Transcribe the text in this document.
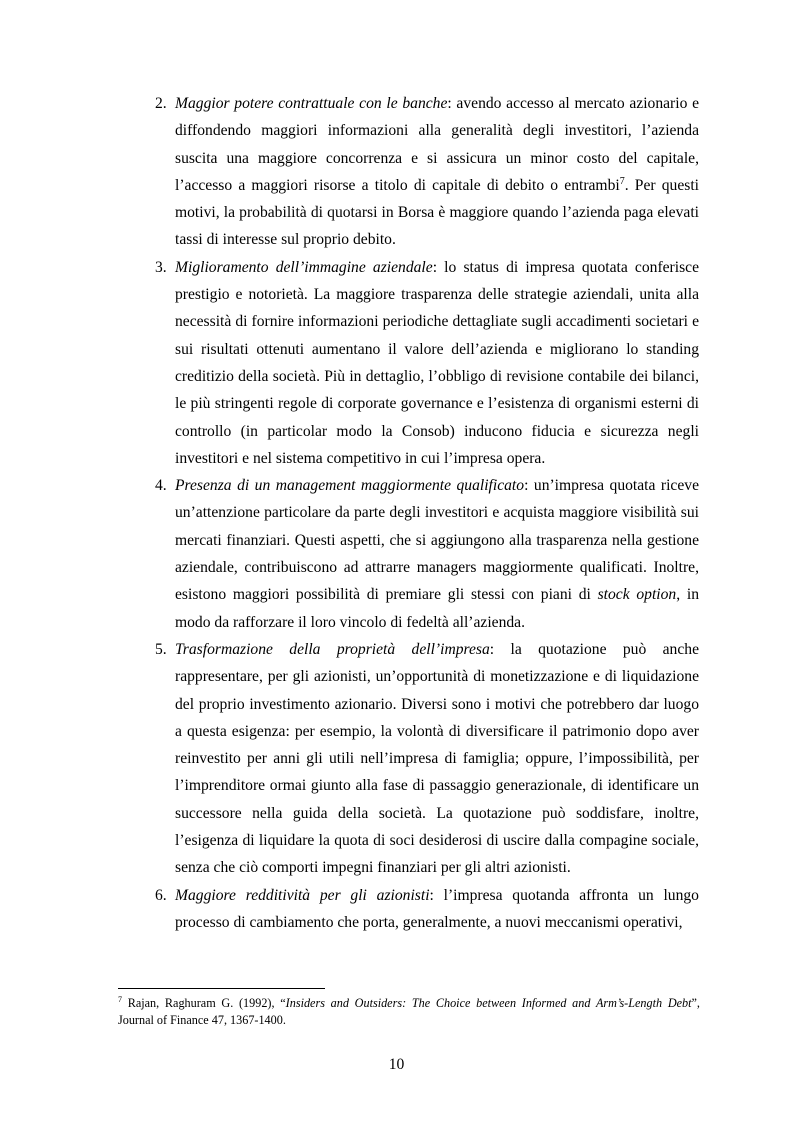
2. Maggior potere contrattuale con le banche: avendo accesso al mercato azionario e diffondendo maggiori informazioni alla generalità degli investitori, l’azienda suscita una maggiore concorrenza e si assicura un minor costo del capitale, l’accesso a maggiori risorse a titolo di capitale di debito o entrambi$^7$. Per questi motivi, la probabilità di quotarsi in Borsa è maggiore quando l’azienda paga elevati tassi di interesse sul proprio debito.
3. Miglioramento dell’immagine aziendale: lo status di impresa quotata conferisce prestigio e notorietà. La maggiore trasparenza delle strategie aziendali, unita alla necessità di fornire informazioni periodiche dettagliate sugli accadimenti societari e sui risultati ottenuti aumentano il valore dell’azienda e migliorano lo standing creditizio della società. Più in dettaglio, l’obbligo di revisione contabile dei bilanci, le più stringenti regole di corporate governance e l’esistenza di organismi esterni di controllo (in particolar modo la Consob) inducono fiducia e sicurezza negli investitori e nel sistema competitivo in cui l’impresa opera.
4. Presenza di un management maggiormente qualificato: un’impresa quotata riceve un’attenzione particolare da parte degli investitori e acquista maggiore visibilità sui mercati finanziari. Questi aspetti, che si aggiungono alla trasparenza nella gestione aziendale, contribuiscono ad attrarre managers maggiormente qualificati. Inoltre, esistono maggiori possibilità di premiare gli stessi con piani di stock option, in modo da rafforzare il loro vincolo di fedeltà all’azienda.
5. Trasformazione della proprietà dell’impresa: la quotazione può anche rappresentare, per gli azionisti, un’opportunità di monetizzazione e di liquidazione del proprio investimento azionario. Diversi sono i motivi che potrebbero dar luogo a questa esigenza: per esempio, la volontà di diversificare il patrimonio dopo aver reinvestito per anni gli utili nell’impresa di famiglia; oppure, l’impossibilità, per l’imprenditore ormai giunto alla fase di passaggio generazionale, di identificare un successore nella guida della società. La quotazione può soddisfare, inoltre, l’esigenza di liquidare la quota di soci desiderosi di uscire dalla compagine sociale, senza che ciò comporti impegni finanziari per gli altri azionisti.
6. Maggiore redditività per gli azionisti: l’impresa quotanda affronta un lungo processo di cambiamento che porta, generalmente, a nuovi meccanismi operativi,
$^7$ Rajan, Raghuram G. (1992), “Insiders and Outsiders: The Choice between Informed and Arm’s-Length Debt”, Journal of Finance 47, 1367-1400.
10
